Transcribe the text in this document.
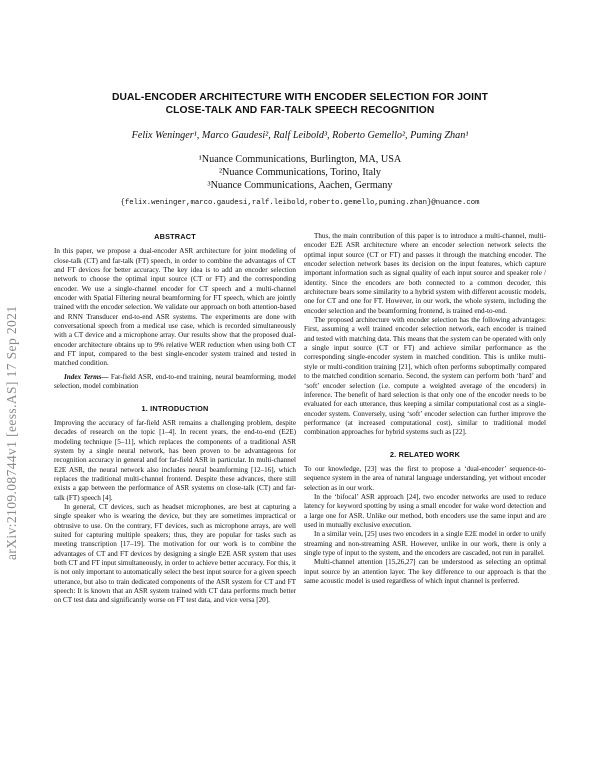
arXiv:2109.08744v1 [eess.AS] 17 Sep 2021
DUAL-ENCODER ARCHITECTURE WITH ENCODER SELECTION FOR JOINT
CLOSE-TALK AND FAR-TALK SPEECH RECOGNITION
Felix Weninger¹, Marco Gaudesi², Ralf Leibold³, Roberto Gemello², Puming Zhan¹
¹Nuance Communications, Burlington, MA, USA
²Nuance Communications, Torino, Italy
³Nuance Communications, Aachen, Germany
{felix.weninger,marco.gaudesi,ralf.leibold,roberto.gemello,puming.zhan}@nuance.com
ABSTRACT

In this paper, we propose a dual-encoder ASR architecture for joint modeling of close-talk (CT) and far-talk (FT) speech, in order to combine the advantages of CT and FT devices for better accuracy. The key idea is to add an encoder selection network to choose the optimal input source (CT or FT) and the corresponding encoder. We use a single-channel encoder for CT speech and a multi-channel encoder with Spatial Filtering neural beamforming for FT speech, which are jointly trained with the encoder selection. We validate our approach on both attention-based and RNN Transducer end-to-end ASR systems. The experiments are done with conversational speech from a medical use case, which is recorded simultaneously with a CT device and a microphone array. Our results show that the proposed dual-encoder architecture obtains up to 9% relative WER reduction when using both CT and FT input, compared to the best single-encoder system trained and tested in matched condition.

Index Terms— Far-field ASR, end-to-end training, neural beamforming, model selection, model combination

1. INTRODUCTION

Improving the accuracy of far-field ASR remains a challenging problem, despite decades of research on the topic [1–4]. In recent years, the end-to-end (E2E) modeling technique [5–11], which replaces the components of a traditional ASR system by a single neural network, has been proven to be advantageous for recognition accuracy in general and for far-field ASR in particular. In multi-channel E2E ASR, the neural network also includes neural beamforming [12–16], which replaces the traditional multi-channel frontend. Despite these advances, there still exists a gap between the performance of ASR systems on close-talk (CT) and far-talk (FT) speech [4].

In general, CT devices, such as headset microphones, are best at capturing a single speaker who is wearing the device, but they are sometimes impractical or obtrusive to use. On the contrary, FT devices, such as microphone arrays, are well suited for capturing multiple speakers; thus, they are popular for tasks such as meeting transcription [17–19]. The motivation for our work is to combine the advantages of CT and FT devices by designing a single E2E ASR system that uses both CT and FT input simultaneously, in order to achieve better accuracy. For this, it is not only important to automatically select the best input source for a given speech utterance, but also to train dedicated components of the ASR system for CT and FT speech: It is known that an ASR system trained with CT data performs much better on CT test data and significantly worse on FT test data, and vice versa [20].

Thus, the main contribution of this paper is to introduce a multi-channel, multi-encoder E2E ASR architecture where an encoder selection network selects the optimal input source (CT or FT) and passes it through the matching encoder. The encoder selection network bases its decision on the input features, which capture important information such as signal quality of each input source and speaker role / identity. Since the encoders are both connected to a common decoder, this architecture bears some similarity to a hybrid system with different acoustic models, one for CT and one for FT. However, in our work, the whole system, including the encoder selection and the beamforming frontend, is trained end-to-end.

The proposed architecture with encoder selection has the following advantages: First, assuming a well trained encoder selection network, each encoder is trained and tested with matching data. This means that the system can be operated with only a single input source (CT or FT) and achieve similar performance as the corresponding single-encoder system in matched condition. This is unlike multi-style or multi-condition training [21], which often performs suboptimally compared to the matched condition scenario. Second, the system can perform both ‘hard’ and ‘soft’ encoder selection (i.e. compute a weighted average of the encoders) in inference. The benefit of hard selection is that only one of the encoder needs to be evaluated for each utterance, thus keeping a similar computational cost as a single-encoder system. Conversely, using ‘soft’ encoder selection can further improve the performance (at increased computational cost), similar to traditional model combination approaches for hybrid systems such as [22].

2. RELATED WORK

To our knowledge, [23] was the first to propose a ‘dual-encoder’ sequence-to-sequence system in the area of natural language understanding, yet without encoder selection as in our work.

In the ‘bifocal’ ASR approach [24], two encoder networks are used to reduce latency for keyword spotting by using a small encoder for wake word detection and a large one for ASR. Unlike our method, both encoders use the same input and are used in mutually exclusive execution.

In a similar vein, [25] uses two encoders in a single E2E model in order to unify streaming and non-streaming ASR. However, unlike in our work, there is only a single type of input to the system, and the encoders are cascaded, not run in parallel.

Multi-channel attention [15,26,27] can be understood as selecting an optimal input source by an attention layer. The key difference to our approach is that the same acoustic model is used regardless of which input channel is preferred.
